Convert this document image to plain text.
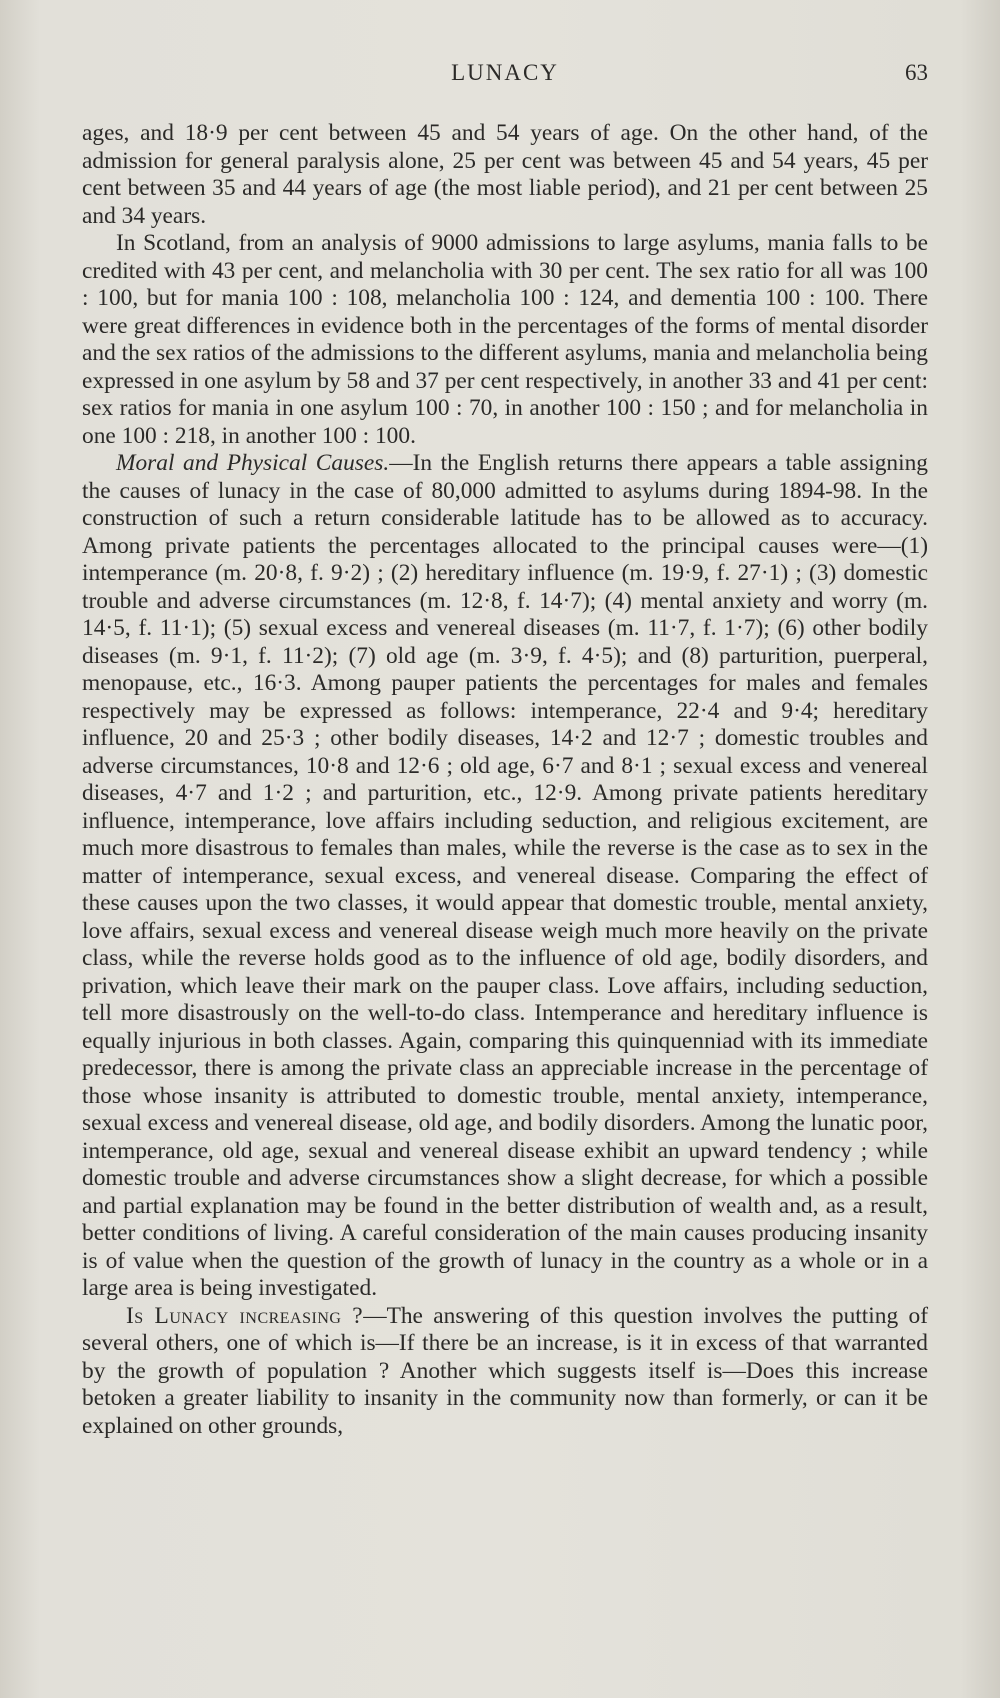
LUNACY	63

ages, and 18·9 per cent between 45 and 54 years of age. On the other hand, of the admission for general paralysis alone, 25 per cent was between 45 and 54 years, 45 per cent between 35 and 44 years of age (the most liable period), and 21 per cent between 25 and 34 years.

In Scotland, from an analysis of 9000 admissions to large asylums, mania falls to be credited with 43 per cent, and melancholia with 30 per cent. The sex ratio for all was 100 : 100, but for mania 100 : 108, melancholia 100 : 124, and dementia 100 : 100. There were great differences in evidence both in the percentages of the forms of mental disorder and the sex ratios of the admissions to the different asylums, mania and melancholia being expressed in one asylum by 58 and 37 per cent respectively, in another 33 and 41 per cent: sex ratios for mania in one asylum 100 : 70, in another 100 : 150 ; and for melancholia in one 100 : 218, in another 100 : 100.

Moral and Physical Causes.—In the English returns there appears a table assigning the causes of lunacy in the case of 80,000 admitted to asylums during 1894-98. In the construction of such a return considerable latitude has to be allowed as to accuracy. Among private patients the percentages allocated to the principal causes were—(1) intemperance (m. 20·8, f. 9·2) ; (2) hereditary influence (m. 19·9, f. 27·1) ; (3) domestic trouble and adverse circumstances (m. 12·8, f. 14·7); (4) mental anxiety and worry (m. 14·5, f. 11·1); (5) sexual excess and venereal diseases (m. 11·7, f. 1·7); (6) other bodily diseases (m. 9·1, f. 11·2); (7) old age (m. 3·9, f. 4·5); and (8) parturition, puerperal, menopause, etc., 16·3. Among pauper patients the percentages for males and females respectively may be expressed as follows: intemperance, 22·4 and 9·4; hereditary influence, 20 and 25·3 ; other bodily diseases, 14·2 and 12·7 ; domestic troubles and adverse circumstances, 10·8 and 12·6 ; old age, 6·7 and 8·1 ; sexual excess and venereal diseases, 4·7 and 1·2 ; and parturition, etc., 12·9. Among private patients hereditary influence, intemperance, love affairs including seduction, and religious excitement, are much more disastrous to females than males, while the reverse is the case as to sex in the matter of intemperance, sexual excess, and venereal disease. Comparing the effect of these causes upon the two classes, it would appear that domestic trouble, mental anxiety, love affairs, sexual excess and venereal disease weigh much more heavily on the private class, while the reverse holds good as to the influence of old age, bodily disorders, and privation, which leave their mark on the pauper class. Love affairs, including seduction, tell more disastrously on the well-to-do class. Intemperance and hereditary influence is equally injurious in both classes. Again, comparing this quinquenniad with its immediate predecessor, there is among the private class an appreciable increase in the percentage of those whose insanity is attributed to domestic trouble, mental anxiety, intemperance, sexual excess and venereal disease, old age, and bodily disorders. Among the lunatic poor, intemperance, old age, sexual and venereal disease exhibit an upward tendency ; while domestic trouble and adverse circumstances show a slight decrease, for which a possible and partial explanation may be found in the better distribution of wealth and, as a result, better conditions of living. A careful consideration of the main causes producing insanity is of value when the question of the growth of lunacy in the country as a whole or in a large area is being investigated.

Is Lunacy increasing ?—The answering of this question involves the putting of several others, one of which is—If there be an increase, is it in excess of that warranted by the growth of population ? Another which suggests itself is—Does this increase betoken a greater liability to insanity in the community now than formerly, or can it be explained on other grounds,
